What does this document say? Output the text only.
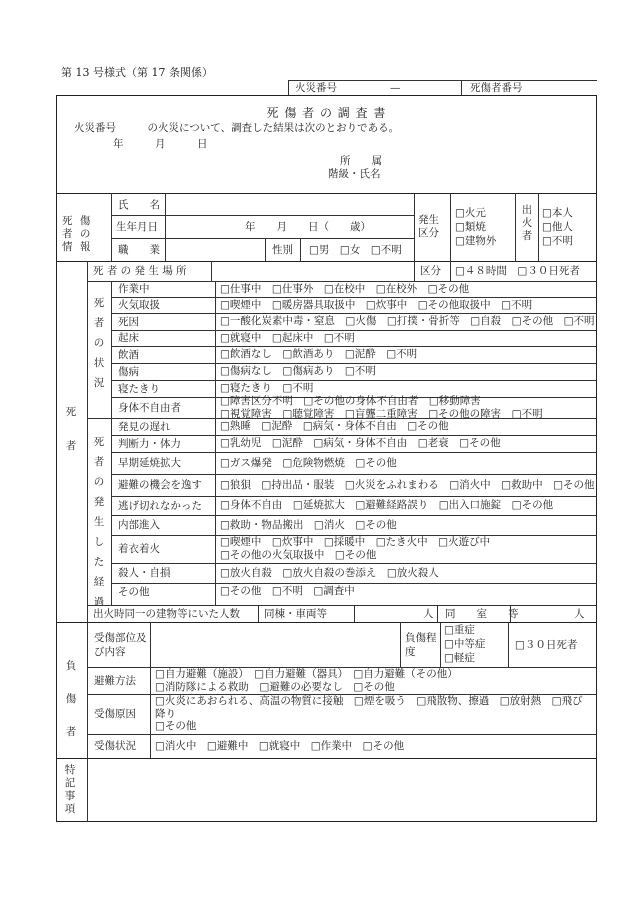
第 13 号様式（第 17 条関係）
火災番号	—	死傷者番号
死 傷 者 の 調 査 書
火災番号　　　の火災について、調査した結果は次のとおりである。
年　　　月　　　日
所　　属
階級・氏名
死 傷 者 の 情 報
氏　　名
生年月日	年　　月　　日（　　歳）
職　　業	性別 □男　□女　□不明
発生区分
□火元
□類焼
□建物外
出火者
□本人
□他人
□不明
死者
死 者 の 発 生 場 所	区分 □４８時間　□３０日死者
死者の状況
死者の発生した経過
作業中	□仕事中　□仕事外　□在校中　□在校外　□その他
火気取扱	□喫煙中　□暖房器具取扱中　□炊事中　□その他取扱中　□不明
死因	□一酸化炭素中毒・窒息　□火傷　□打撲・骨折等　□自殺　□その他　□不明
起床	□就寝中　□起床中　□不明
飲酒	□飲酒なし　□飲酒あり　□泥酔　□不明
傷病	□傷病なし　□傷病あり　□不明
寝たきり	□寝たきり　□不明
身体不自由者
□障害区分不明　□その他の身体不自由者　□移動障害
□視覚障害　□聴覚障害　□盲聾二重障害　□その他の障害　□不明
発見の遅れ	□熟睡　□泥酔　□病気・身体不自由　□その他
判断力・体力	□乳幼児　□泥酔　□病気・身体不自由　□老衰　□その他
早期延焼拡大	□ガス爆発　□危険物燃焼　□その他
避難の機会を逸す □狼狽　□持出品・服装　□火災をふれまわる　□消火中　□救助中　□その他
逃げ切れなかった □身体不自由　□延焼拡大　□避難経路誤り　□出入口施錠　□その他
内部進入	□救助・物品搬出　□消火　□その他
着衣着火
□喫煙中　□炊事中　□採暖中　□たき火中　□火遊び中
□その他の火気取扱中　□その他
殺人・自損	□放火自殺　□放火自殺の巻添え　□放火殺人
その他	□その他　□不明　□調査中
出火時同一の建物等にいた人数 同棟・車両等	人 同　　室　　等	人
負傷者
受傷部位及び内容
負傷程度
□重症
□中等症
□軽症
□３０日死者
避難方法
□自力避難（施設）　□自力避難（器具）　□自力避難（その他）
□消防隊による救助　□避難の必要なし　□その他
受傷原因
□火炎にあおられる、高温の物質に接触　□煙を吸う　□飛散物、擦過　□放射熱　□飛び降り
□その他
受傷状況 □消火中　□避難中　□就寝中　□作業中　□その他
特記事項
